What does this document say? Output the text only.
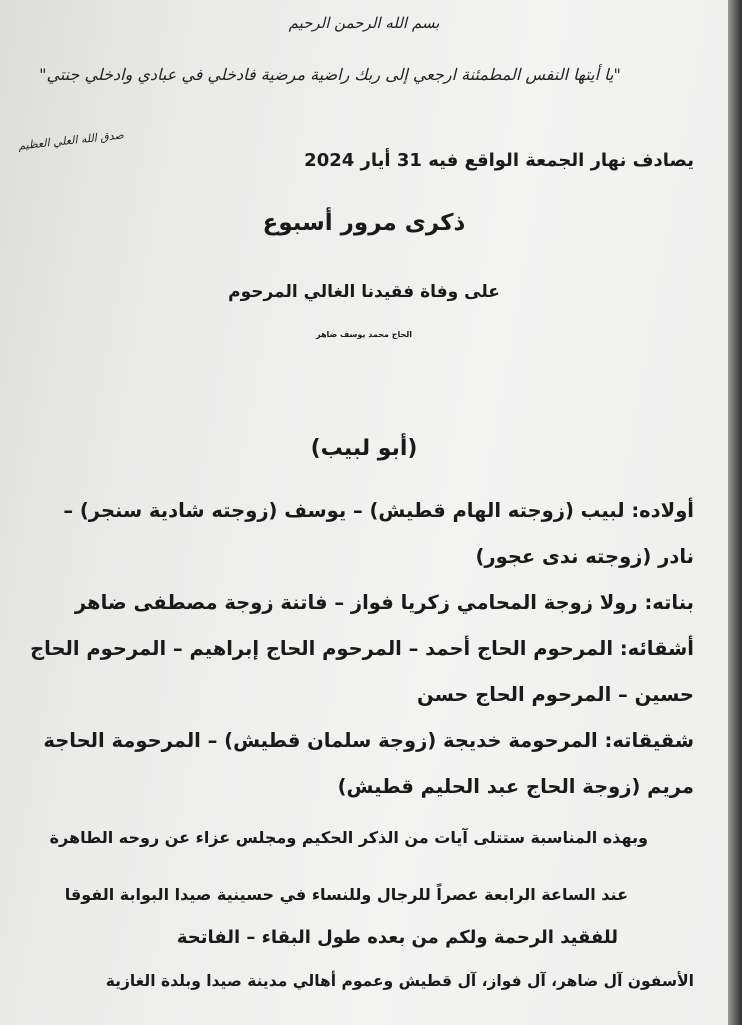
بسم الله الرحمن الرحيم
"يا أيتها النفس المطمئنة ارجعي إلى ربك راضية مرضية فادخلي في عبادي وادخلي جنتي"
صدق الله العلي العظيم
يصادف نهار الجمعة الواقع فيه 31 أيار 2024
ذكرى مرور أسبوع
على وفاة فقيدنا الغالي المرحوم
الحاج محمد يوسف ضاهر
(أبو لبيب)
أولاده: لبيب (زوجته الهام قطيش) – يوسف (زوجته شادية سنجر) – نادر (زوجته ندى عجور)
بناته: رولا زوجة المحامي زكريا فواز – فاتنة زوجة مصطفى ضاهر
أشقائه: المرحوم الحاج أحمد – المرحوم الحاج إبراهيم – المرحوم الحاج حسين – المرحوم الحاج حسن
شقيقاته: المرحومة خديجة (زوجة سلمان قطيش) – المرحومة الحاجة مريم (زوجة الحاج عبد الحليم قطيش)
وبهذه المناسبة ستتلى آيات من الذكر الحكيم ومجلس عزاء عن روحه الطاهرة
عند الساعة الرابعة عصراً للرجال وللنساء في حسينية صيدا البوابة الفوقا
للفقيد الرحمة ولكم من بعده طول البقاء – الفاتحة
الأسفون آل ضاهر، آل فواز، آل قطيش وعموم أهالي مدينة صيدا وبلدة الغازية
